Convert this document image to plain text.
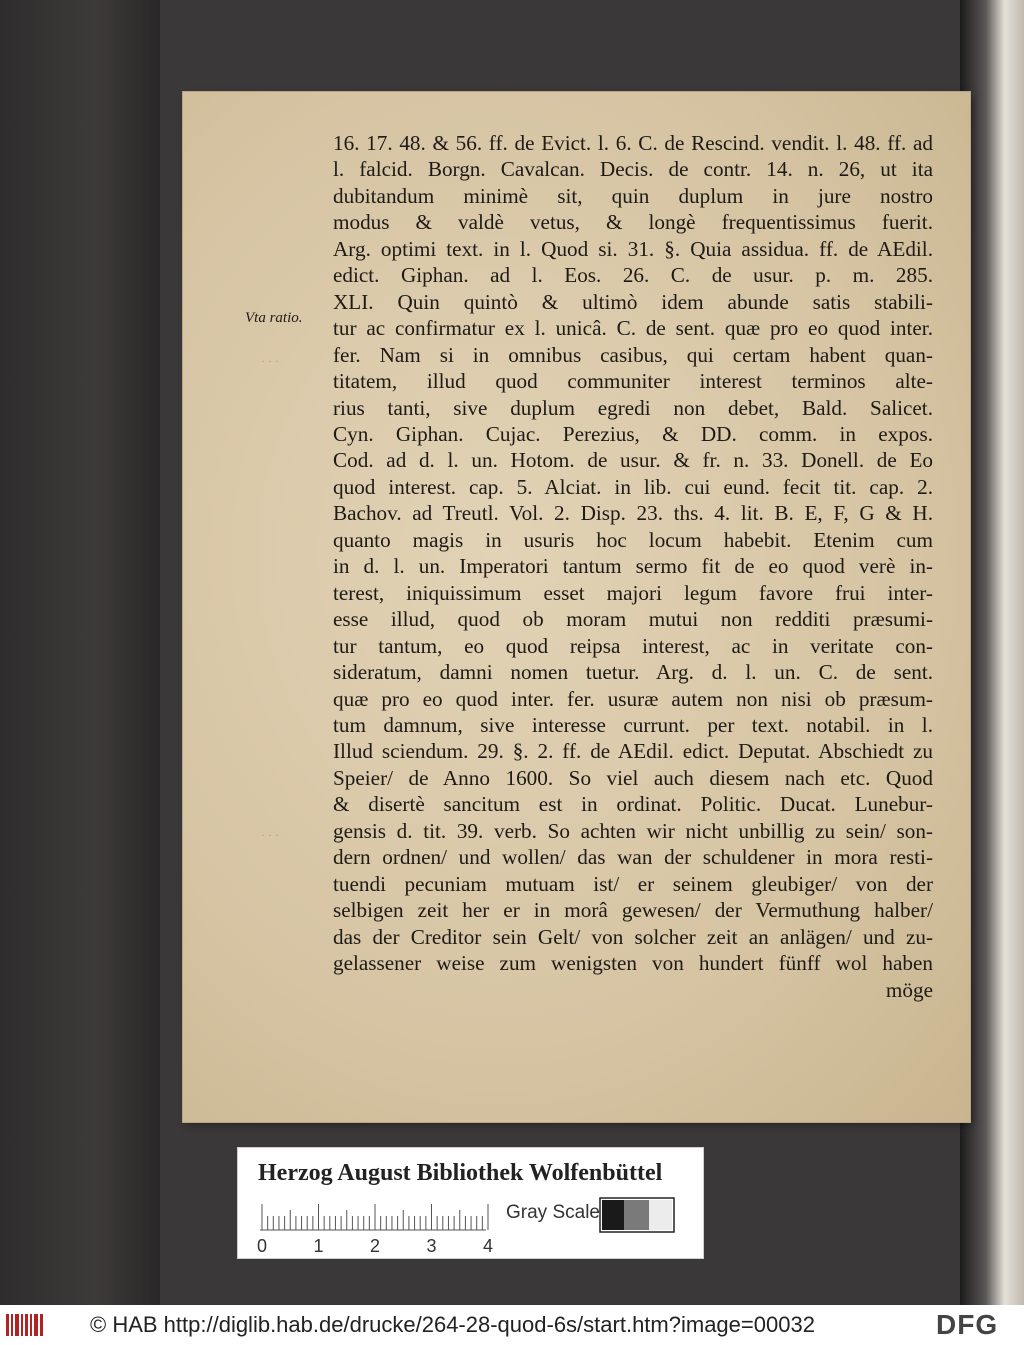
Vta ratio.
· · ·
· · ·
16. 17. 48. & 56. ff. de Evict. l. 6. C. de Rescind. vendit. l. 48. ff. ad
l. falcid. Borgn. Cavalcan. Decis. de contr. 14. n. 26, ut ita
dubitandum minimè sit, quin duplum in jure nostro
modus & valdè vetus, & longè frequentissimus fuerit.
Arg. optimi text. in l. Quod si. 31. §. Quia assidua. ff. de AEdil.
edict. Giphan. ad l. Eos. 26. C. de usur. p. m. 285.
XLI. Quin quintò & ultimò idem abunde satis stabili-
tur ac confirmatur ex l. unicâ. C. de sent. quæ pro eo quod inter.
fer. Nam si in omnibus casibus, qui certam habent quan-
titatem, illud quod communiter interest terminos alte-
rius tanti, sive duplum egredi non debet, Bald. Salicet.
Cyn. Giphan. Cujac. Perezius, & DD. comm. in expos.
Cod. ad d. l. un. Hotom. de usur. & fr. n. 33. Donell. de Eo
quod interest. cap. 5. Alciat. in lib. cui eund. fecit tit. cap. 2.
Bachov. ad Treutl. Vol. 2. Disp. 23. ths. 4. lit. B. E, F, G & H.
quanto magis in usuris hoc locum habebit. Etenim cum
in d. l. un. Imperatori tantum sermo fit de eo quod verè in-
terest, iniquissimum esset majori legum favore frui inter-
esse illud, quod ob moram mutui non redditi præsumi-
tur tantum, eo quod reipsa interest, ac in veritate con-
sideratum, damni nomen tuetur. Arg. d. l. un. C. de sent.
quæ pro eo quod inter. fer. usuræ autem non nisi ob præsum-
tum damnum, sive interesse currunt. per text. notabil. in l.
Illud sciendum. 29. §. 2. ff. de AEdil. edict. Deputat. Abschiedt zu
Speier/ de Anno 1600. So viel auch diesem nach etc. Quod
& disertè sancitum est in ordinat. Politic. Ducat. Lunebur-
gensis d. tit. 39. verb. So achten wir nicht unbillig zu sein/ son-
dern ordnen/ und wollen/ das wan der schuldener in mora resti-
tuendi pecuniam mutuam ist/ er seinem gleubiger/ von der
selbigen zeit her er in morâ gewesen/ der Vermuthung halber/
das der Creditor sein Gelt/ von solcher zeit an anlägen/ und zu-
gelassener weise zum wenigsten von hundert fünff wol haben
möge
Herzog August Bibliothek Wolfenbüttel
0	1	2	3	4
Gray Scale
© HAB http://diglib.hab.de/drucke/264-28-quod-6s/start.htm?image=00032	DFG
